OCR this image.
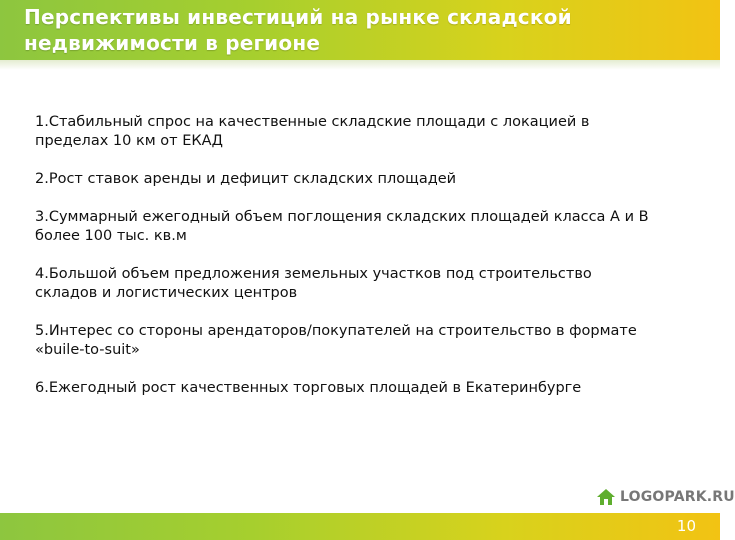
Перспективы инвестиций на рынке складской
недвижимости в регионе
1.Стабильный спрос на качественные складские площади с локацией в
пределах 10 км от ЕКАД
2.Рост ставок аренды и дефицит складских площадей
3.Суммарный ежегодный объем поглощения складских площадей класса А и В
более 100 тыс. кв.м
4.Большой объем предложения земельных участков под строительство
складов и логистических центров
5.Интерес со стороны арендаторов/покупателей на строительство в формате
«buile-to-suit»
6.Ежегодный рост качественных торговых площадей в Екатеринбурге
LOGOPARK.RU
10
